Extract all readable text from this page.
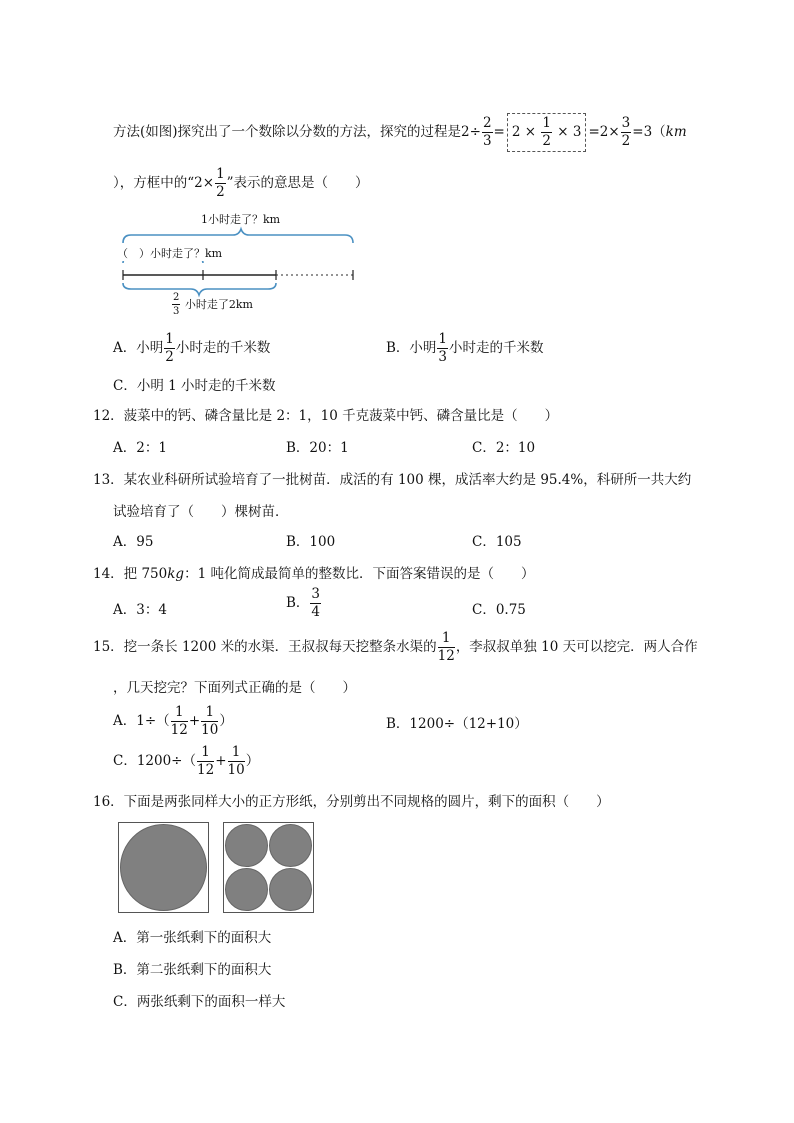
方法(如图)探究出了一个数除以分数的方法，探究的过程是$2\div \frac{2}{3} = 2 \times \frac{1}{2} \times 3 =2\times \frac{3}{2} =3(km$
），方框中的“$2\times \frac{1}{2}$ ”表示的意思是（　　）
1小时走了？km
（　）小时走了？km
$\frac{2}{3}$ 小时走了2km
A．小明 $\frac{1}{2}$ 小时走的千米数	B．小明 $\frac{1}{3}$ 小时走的千米数
C．小明 1 小时走的千米数
12．菠菜中的钙、磷含量比是 2：1，10 千克菠菜中钙、磷含量比是（　　）
A．2：1	B．20：1	C．2：10
13．某农业科研所试验培育了一批树苗．成活的有 100 棵，成活率大约是 95.4%，科研所一共大约
试验培育了（　　）棵树苗．
A．95	B．100	C．105
14．把 750kg：1 吨化简成最简单的整数比．下面答案错误的是（　　）
A．3：4	B． $\frac{3}{4}$	C．0.75
15．挖一条长 1200 米的水渠．王叔叔每天挖整条水渠的 $\frac{1}{12}$ ，李叔叔单独 10 天可以挖完．两人合作
，几天挖完？下面列式正确的是（　　）
A．$1\div( \frac{1}{12} + \frac{1}{10}$ ）	B．1200÷（12+10）
C．$1200\div( \frac{1}{12} + \frac{1}{10}$ ）
16．下面是两张同样大小的正方形纸，分别剪出不同规格的圆片，剩下的面积（　　）
A．第一张纸剩下的面积大
B．第二张纸剩下的面积大
C．两张纸剩下的面积一样大
